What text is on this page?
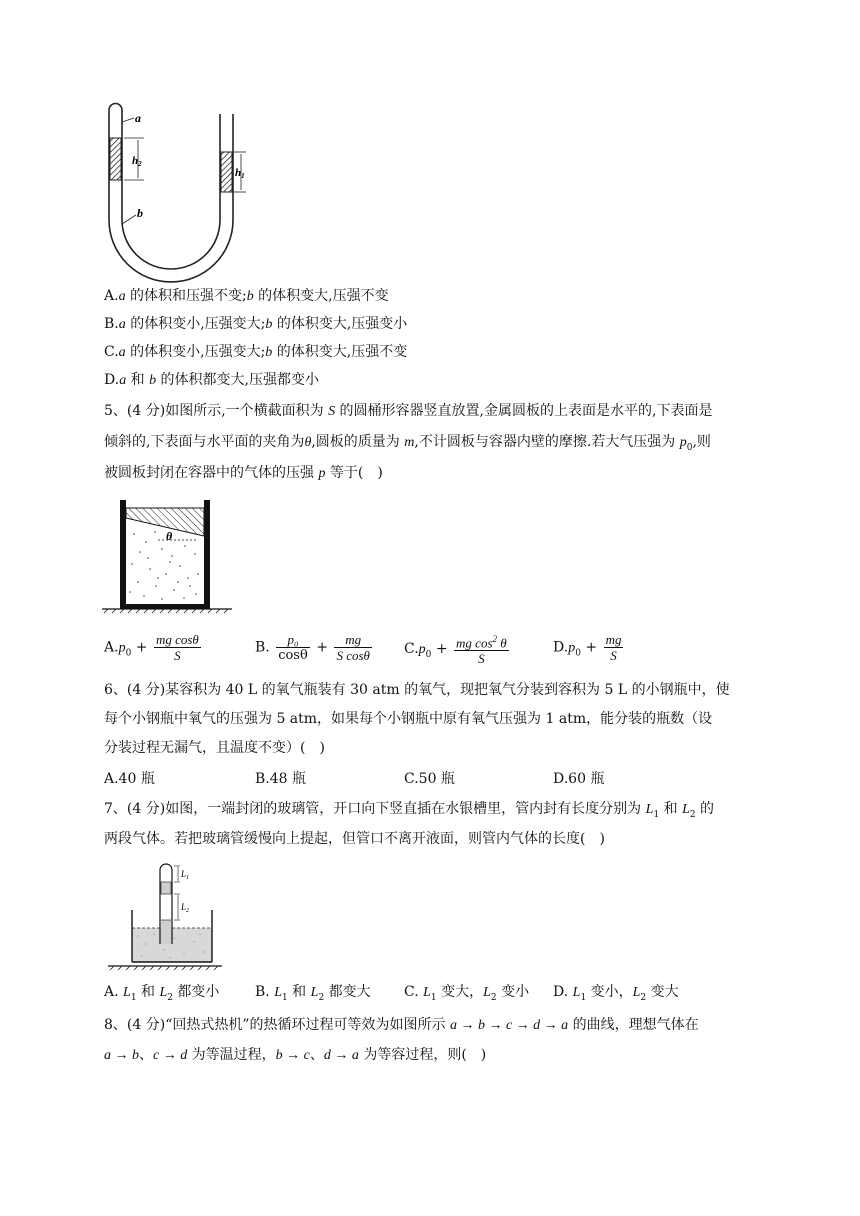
a
b
h2
h1
A.a 的体积和压强不变;b 的体积变大,压强不变
B.a 的体积变小,压强变大;b 的体积变大,压强变小
C.a 的体积变小,压强变大;b 的体积变大,压强不变
D.a 和 b 的体积都变大,压强都变小
5、(4 分)如图所示,一个横截面积为 S 的圆桶形容器竖直放置,金属圆板的上表面是水平的,下表面是
倾斜的,下表面与水平面的夹角为θ,圆板的质量为 m,不计圆板与容器内壁的摩擦.若大气压强为 $p_0$,则
被圆板封闭在容器中的气体的压强 p 等于(　)
θ
$A.p_0 + \frac{\text{mg cosθ}}{S}$	B. $\frac{\text{p₀}}{\cos\theta} + \frac{mg}{\text{S cosθ}} C.p_0 + \frac{mg \cos^2 \theta}{S}$	$D.p_0 + \frac{mg}{S}$
6、(4 分)某容积为 40 L 的氧气瓶装有 30 atm 的氧气，现把氧气分装到容积为 5 L 的小钢瓶中，使
每个小钢瓶中氧气的压强为 5 atm，如果每个小钢瓶中原有氧气压强为 1 atm，能分装的瓶数（设
分装过程无漏气，且温度不变）(　)
A.40 瓶	B.48 瓶	C.50 瓶	D.60 瓶
7、(4 分)如图，一端封闭的玻璃管，开口向下竖直插在水银槽里，管内封有长度分别为 $L_1$ 和 $L_2$ 的
两段气体。若把玻璃管缓慢向上提起，但管口不离开液面，则管内气体的长度(　)
$L_1$
$L_2$
A. $L_1$ 和 $L_2$ 都变小	B. $L_1$ 和 $L_2$ 都变大 C. $L_1$ 变大，$L_2$ 变小 D. $L_1$ 变小，$L_2$ 变大
8、(4 分)“回热式热机”的热循环过程可等效为如图所示 a → b → c → d → a 的曲线，理想气体在
a → b、c → d 为等温过程，b → c、d → a 为等容过程，则(　)
